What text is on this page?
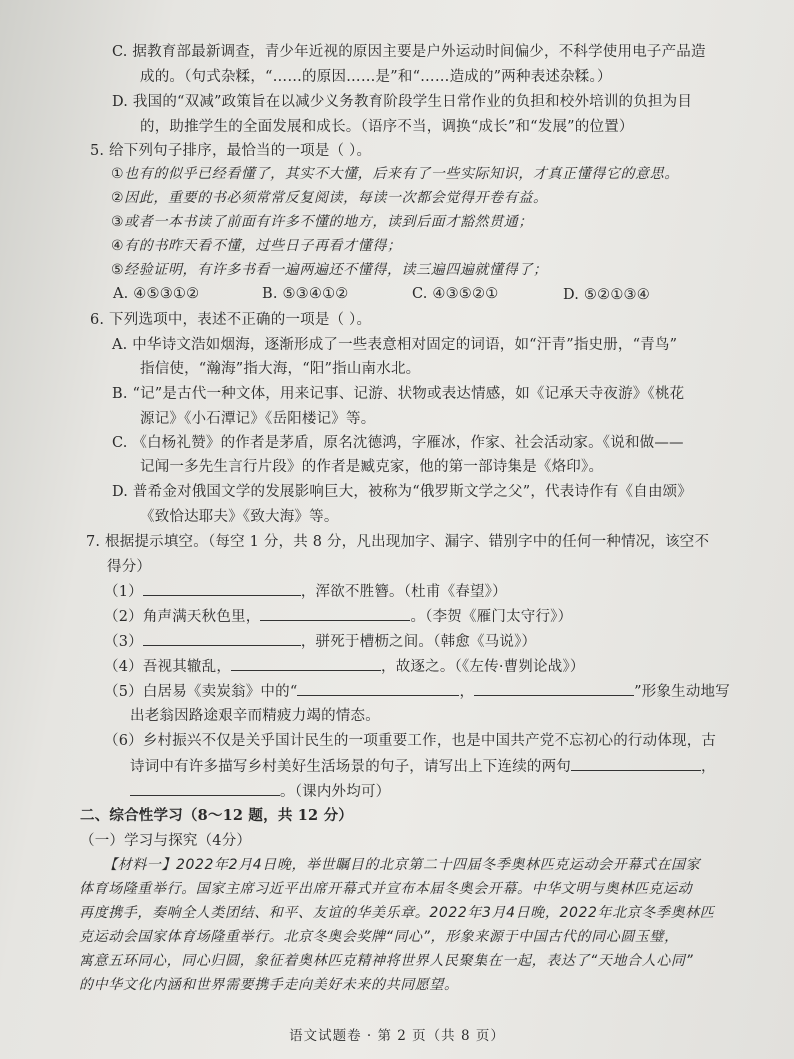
C. 据教育部最新调查，青少年近视的原因主要是户外运动时间偏少，不科学使用电子产品造
成的。（句式杂糅，“……的原因……是”和“……造成的”两种表述杂糅。）
D. 我国的“双减”政策旨在以减少义务教育阶段学生日常作业的负担和校外培训的负担为目
的，助推学生的全面发展和成长。（语序不当，调换“成长”和“发展”的位置）
5. 给下列句子排序，最恰当的一项是（ ）。
①也有的似乎已经看懂了，其实不大懂，后来有了一些实际知识，才真正懂得它的意思。
②因此，重要的书必须常常反复阅读，每读一次都会觉得开卷有益。
③或者一本书读了前面有许多不懂的地方，读到后面才豁然贯通；
④有的书昨天看不懂，过些日子再看才懂得；
⑤经验证明，有许多书看一遍两遍还不懂得，读三遍四遍就懂得了；
A. ④⑤③①②	B. ⑤③④①②	C. ④③⑤②①	D. ⑤②①③④
6. 下列选项中，表述不正确的一项是（ ）。
A. 中华诗文浩如烟海，逐渐形成了一些表意相对固定的词语，如“汗青”指史册，“青鸟”
指信使，“瀚海”指大海，“阳”指山南水北。
B. “记”是古代一种文体，用来记事、记游、状物或表达情感，如《记承天寺夜游》《桃花
源记》《小石潭记》《岳阳楼记》等。
C. 《白杨礼赞》的作者是茅盾，原名沈德鸿，字雁冰，作家、社会活动家。《说和做——
记闻一多先生言行片段》的作者是臧克家，他的第一部诗集是《烙印》。
D. 普希金对俄国文学的发展影响巨大，被称为“俄罗斯文学之父”，代表诗作有《自由颂》
《致恰达耶夫》《致大海》等。
7. 根据提示填空。（每空 1 分，共 8 分，凡出现加字、漏字、错别字中的任何一种情况，该空不
得分）
（1）	，浑欲不胜簪。（杜甫《春望》）
（2）角声满天秋色里，	。（李贺《雁门太守行》）
（3）	，骈死于槽枥之间。（韩愈《马说》）
（4）吾视其辙乱，	，故逐之。（《左传·曹刿论战》）
（5）白居易《卖炭翁》中的“	，	”形象生动地写
出老翁因路途艰辛而精疲力竭的情态。
（6）乡村振兴不仅是关乎国计民生的一项重要工作，也是中国共产党不忘初心的行动体现，古
诗词中有许多描写乡村美好生活场景的句子，请写出上下连续的两句	，
。（课内外均可）
二、综合性学习（8～12 题，共 12 分）
（一）学习与探究（4分）
【材料一】2022年2月4日晚，举世瞩目的北京第二十四届冬季奥林匹克运动会开幕式在国家
体育场隆重举行。国家主席习近平出席开幕式并宣布本届冬奥会开幕。中华文明与奥林匹克运动
再度携手，奏响全人类团结、和平、友谊的华美乐章。2022年3月4日晚，2022年北京冬季奥林匹
克运动会国家体育场隆重举行。北京冬奥会奖牌“同心”，形象来源于中国古代的同心圆玉璧，
寓意五环同心，同心归圆，象征着奥林匹克精神将世界人民聚集在一起，表达了“天地合人心同”
的中华文化内涵和世界需要携手走向美好未来的共同愿望。
语文试题卷 · 第 2 页（共 8 页）
